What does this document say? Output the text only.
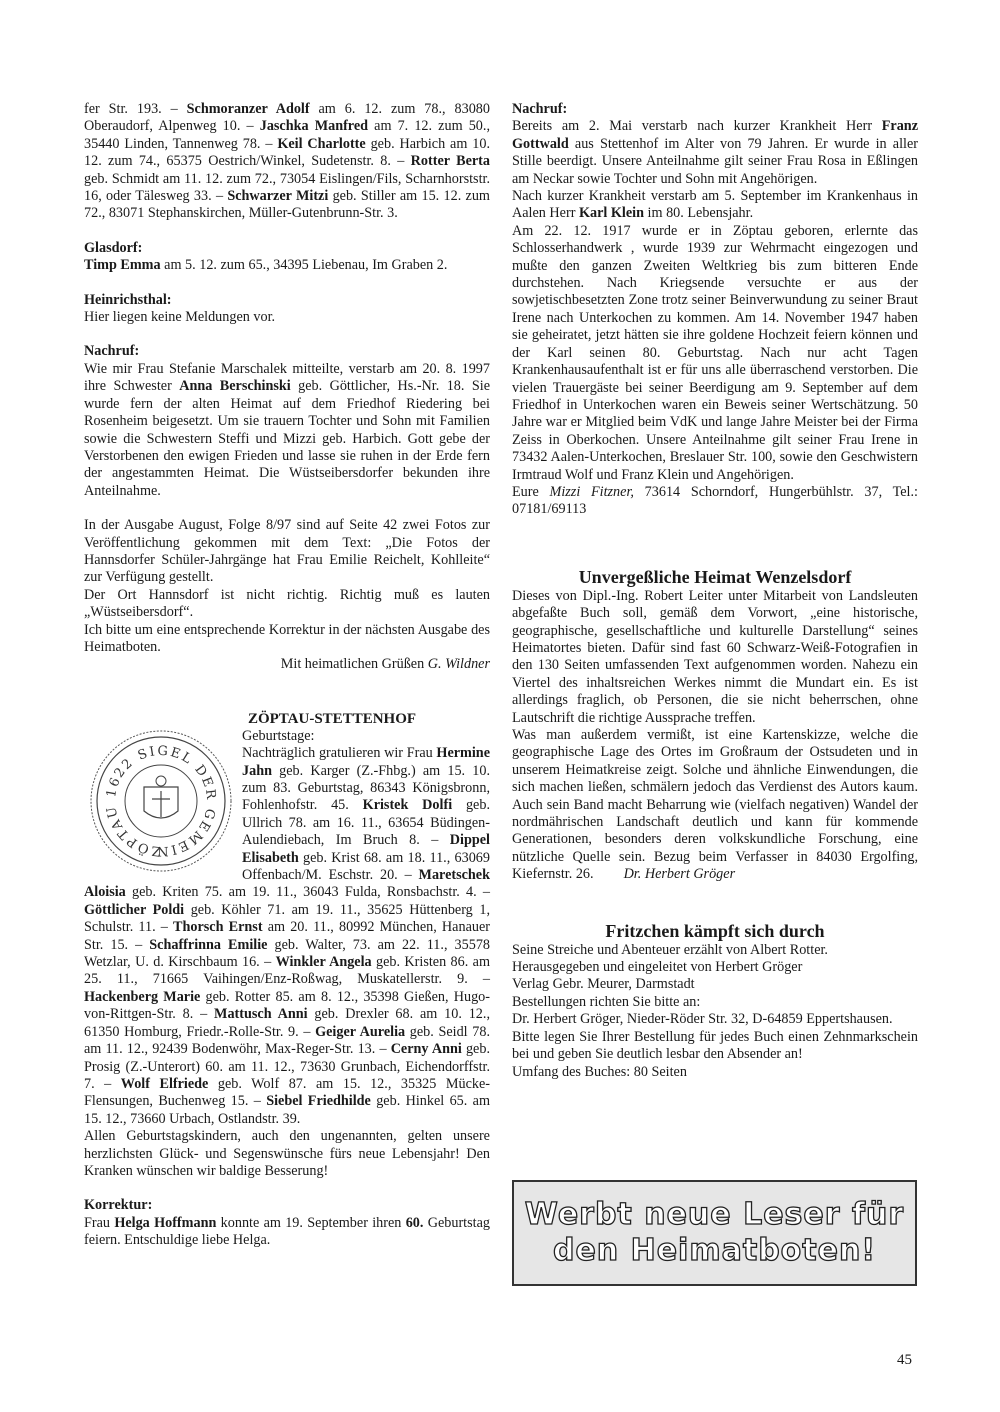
fer Str. 193. – Schmoranzer Adolf am 6. 12. zum 78., 83080 Oberaudorf, Alpenweg 10. – Jaschka Manfred am 7. 12. zum 50., 35440 Linden, Tannenweg 78. – Keil Charlotte geb. Harbich am 10. 12. zum 74., 65375 Oestrich/Winkel, Sudetenstr. 8. – Rotter Berta geb. Schmidt am 11. 12. zum 72., 73054 Eislingen/Fils, Scharnhorststr. 16, oder Tälesweg 33. – Schwarzer Mitzi geb. Stiller am 15. 12. zum 72., 83071 Stephanskirchen, Müller-Gutenbrunn-Str. 3.

Glasdorf:

Timp Emma am 5. 12. zum 65., 34395 Liebenau, Im Graben 2.

Heinrichsthal:

Hier liegen keine Meldungen vor.

Nachruf:

Wie mir Frau Stefanie Marschalek mitteilte, verstarb am 20. 8. 1997 ihre Schwester Anna Berschinski geb. Göttlicher, Hs.-Nr. 18. Sie wurde fern der alten Heimat auf dem Friedhof Riedering bei Rosenheim beigesetzt. Um sie trauern Tochter und Sohn mit Familien sowie die Schwestern Steffi und Mizzi geb. Harbich. Gott gebe der Verstorbenen den ewigen Frieden und lasse sie ruhen in der Erde fern der angestammten Heimat. Die Wüstseibersdorfer bekunden ihre Anteilnahme.

In der Ausgabe August, Folge 8/97 sind auf Seite 42 zwei Fotos zur Veröffentlichung gekommen mit dem Text: „Die Fotos der Hannsdorfer Schüler-Jahrgänge hat Frau Emilie Reichelt, Kohlleite“ zur Verfügung gestellt.

Der Ort Hannsdorf ist nicht richtig. Richtig muß es lauten „Wüstseibersdorf“.

Ich bitte um eine entsprechende Korrektur in der nächsten Ausgabe des Heimatboten.

Mit heimatlichen Grüßen G. Wildner
ZÖPTAU-STETTENHOF
ZÖPTAU 1622 SIGEL DER GEMEIN
Geburtstage:

Nachträglich gratulieren wir Frau Hermine Jahn geb. Karger (Z.-Fhbg.) am 15. 10. zum 83. Geburtstag, 86343 Königsbronn, Fohlenhofstr. 45. Kristek Dolfi geb. Ullrich 78. am 16. 11., 63654 Büdingen-Aulendiebach, Im Bruch 8. – Dippel Elisabeth geb. Krist 68. am 18. 11., 63069 Offenbach/M. Eschstr. 20. – Maretschek Aloisia geb. Kriten 75. am 19. 11., 36043 Fulda, Ronsbachstr. 4. – Göttlicher Poldi geb. Köhler 71. am 19. 11., 35625 Hüttenberg 1, Schulstr. 11. – Thorsch Ernst am 20. 11., 80992 München, Hanauer Str. 15. – Schaffrinna Emilie geb. Walter, 73. am 22. 11., 35578 Wetzlar, U. d. Kirschbaum 16. – Winkler Angela geb. Kristen 86. am 25. 11., 71665 Vaihingen/Enz-Roßwag, Muskatellerstr. 9. – Hackenberg Marie geb. Rotter 85. am 8. 12., 35398 Gießen, Hugo-von-Rittgen-Str. 8. – Mattusch Anni geb. Drexler 68. am 10. 12., 61350 Homburg, Friedr.-Rolle-Str. 9. – Geiger Aurelia geb. Seidl 78. am 11. 12., 92439 Bodenwöhr, Max-Reger-Str. 13. – Cerny Anni geb. Prosig (Z.-Unterort) 60. am 11. 12., 73630 Grunbach, Eichendorffstr. 7. – Wolf Elfriede geb. Wolf 87. am 15. 12., 35325 Mücke-Flensungen, Buchenweg 15. – Siebel Friedhilde geb. Hinkel 65. am 15. 12., 73660 Urbach, Ostlandstr. 39.

Allen Geburtstagskindern, auch den ungenannten, gelten unsere herzlichsten Glück- und Segenswünsche fürs neue Lebensjahr! Den Kranken wünschen wir baldige Besserung!

Korrektur:

Frau Helga Hoffmann konnte am 19. September ihren 60. Geburtstag feiern. Entschuldige liebe Helga.

Nachruf:

Bereits am 2. Mai verstarb nach kurzer Krankheit Herr Franz Gottwald aus Stettenhof im Alter von 79 Jahren. Er wurde in aller Stille beerdigt. Unsere Anteilnahme gilt seiner Frau Rosa in Eßlingen am Neckar sowie Tochter und Sohn mit Angehörigen.

Nach kurzer Krankheit verstarb am 5. September im Krankenhaus in Aalen Herr Karl Klein im 80. Lebensjahr.

Am 22. 12. 1917 wurde er in Zöptau geboren, erlernte das Schlosserhandwerk , wurde 1939 zur Wehrmacht eingezogen und mußte den ganzen Zweiten Weltkrieg bis zum bitteren Ende durchstehen. Nach Kriegsende versuchte er aus der sowjetischbesetzten Zone trotz seiner Beinverwundung zu seiner Braut Irene nach Unterkochen zu kommen. Am 14. November 1947 haben sie geheiratet, jetzt hätten sie ihre goldene Hochzeit feiern können und der Karl seinen 80. Geburtstag. Nach nur acht Tagen Krankenhausaufenthalt ist er für uns alle überraschend verstorben. Die vielen Trauergäste bei seiner Beerdigung am 9. September auf dem Friedhof in Unterkochen waren ein Beweis seiner Wertschätzung. 50 Jahre war er Mitglied beim VdK und lange Jahre Meister bei der Firma Zeiss in Oberkochen. Unsere Anteilnahme gilt seiner Frau Irene in 73432 Aalen-Unterkochen, Breslauer Str. 100, sowie den Geschwistern Irmtraud Wolf und Franz Klein und Angehörigen.

Eure Mizzi Fitzner, 73614 Schorndorf, Hungerbühlstr. 37, Tel.: 07181/69113

Unvergeßliche Heimat Wenzelsdorf

Dieses von Dipl.-Ing. Robert Leiter unter Mitarbeit von Landsleuten abgefaßte Buch soll, gemäß dem Vorwort, „eine historische, geographische, gesellschaftliche und kulturelle Darstellung“ seines Heimatortes bieten. Dafür sind fast 60 Schwarz-Weiß-Fotografien in den 130 Seiten umfassenden Text aufgenommen worden. Nahezu ein Viertel des inhaltsreichen Werkes nimmt die Mundart ein. Es ist allerdings fraglich, ob Personen, die sie nicht beherrschen, ohne Lautschrift die richtige Aussprache treffen.

Was man außerdem vermißt, ist eine Kartenskizze, welche die geographische Lage des Ortes im Großraum der Ostsudeten und in unserem Heimatkreise zeigt. Solche und ähnliche Einwendungen, die sich machen ließen, schmälern jedoch das Verdienst des Autors kaum. Auch sein Band macht Beharrung wie (vielfach negativen) Wandel der nordmährischen Landschaft deutlich und kann für kommende Generationen, besonders deren volkskundliche Forschung, eine nützliche Quelle sein. Bezug beim Verfasser in 84030 Ergolfing, Kiefernstr. 26. Dr. Herbert Gröger

Fritzchen kämpft sich durch

Seine Streiche und Abenteuer erzählt von Albert Rotter.

Herausgegeben und eingeleitet von Herbert Gröger

Verlag Gebr. Meurer, Darmstadt

Bestellungen richten Sie bitte an:

Dr. Herbert Gröger, Nieder-Röder Str. 32, D-64859 Eppertshausen.

Bitte legen Sie Ihrer Bestellung für jedes Buch einen Zehnmarkschein bei und geben Sie deutlich lesbar den Absender an!

Umfang des Buches: 80 Seiten

Werbt neue Leser für
den Heimatboten!
45
